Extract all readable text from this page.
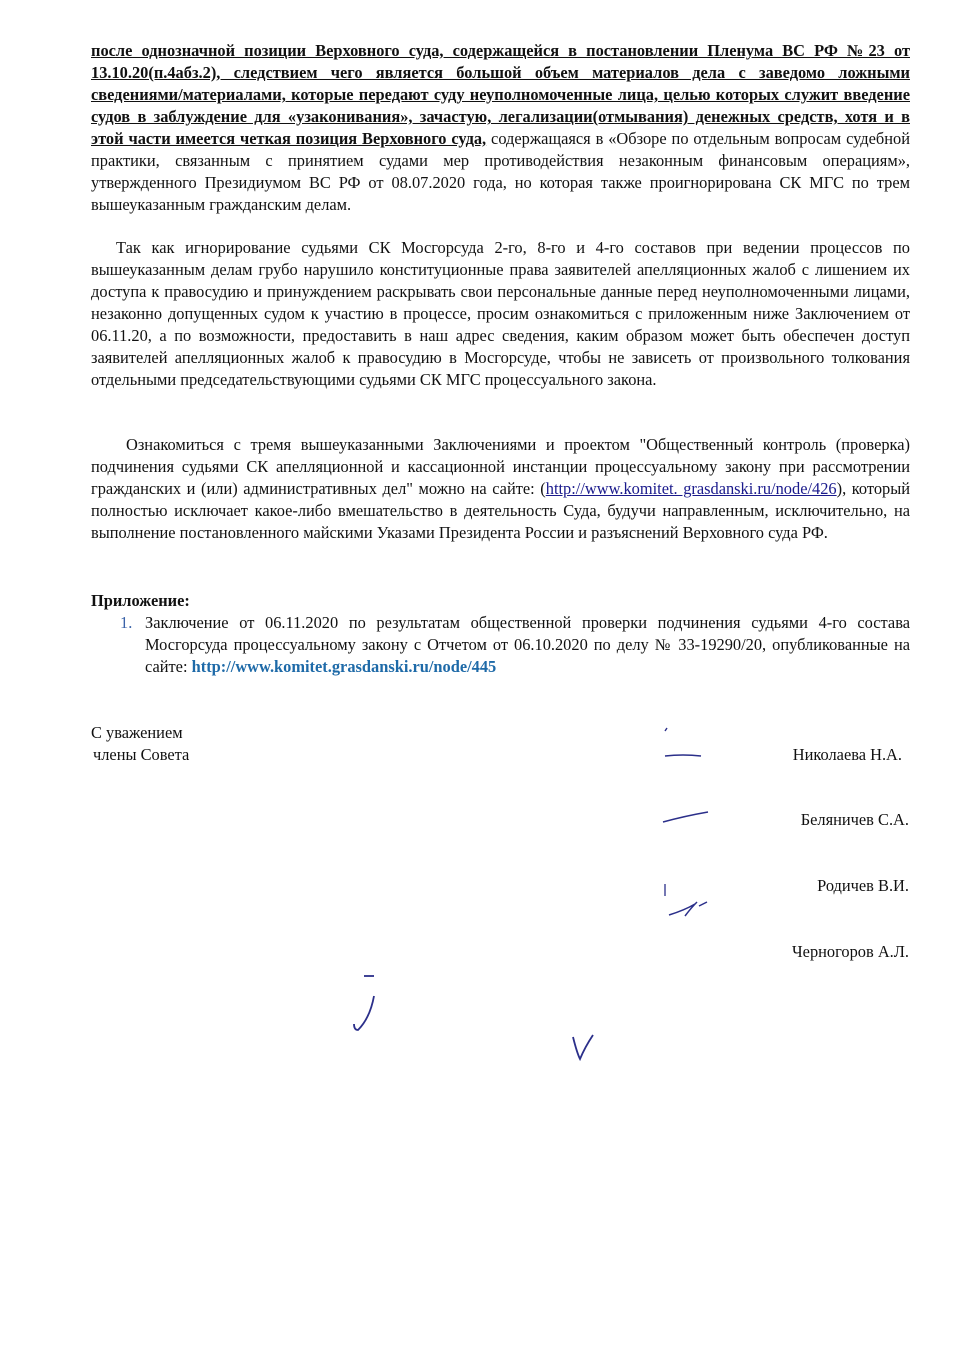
после однозначной позиции Верховного суда, содержащейся в постановлении Пленума ВС РФ №23 от 13.10.20(п.4абз.2), следствием чего является большой объем материалов дела с заведомо ложными сведениями/материалами, которые передают суду неуполномоченные лица, целью которых служит введение судов в заблуждение для «узаконивания», зачастую, легализации(отмывания) денежных средств, хотя и в этой части имеется четкая позиция Верховного суда, содержащаяся в «Обзоре по отдельным вопросам судебной практики, связанным с принятием судами мер противодействия незаконным финансовым операциям», утвержденного Президиумом ВС РФ от 08.07.2020 года, но которая также проигнорирована СК МГС по трем вышеуказанным гражданским делам.
Так как игнорирование судьями СК Мосгорсуда 2-го, 8-го и 4-го составов при ведении процессов по вышеуказанным делам грубо нарушило конституционные права заявителей апелляционных жалоб с лишением их доступа к правосудию и принуждением раскрывать свои персональные данные перед неуполномоченными лицами, незаконно допущенных судом к участию в процессе, просим ознакомиться с приложенным ниже Заключением от 06.11.20, а по возможности, предоставить в наш адрес сведения, каким образом может быть обеспечен доступ заявителей апелляционных жалоб к правосудию в Мосгорсуде, чтобы не зависеть от произвольного толкования отдельными председательствующими судьями СК МГС процессуального закона.
Ознакомиться с тремя вышеуказанными Заключениями и проектом "Общественный контроль (проверка) подчинения судьями СК апелляционной и кассационной инстанции процессуальному закону при рассмотрении гражданских и (или) административных дел" можно на сайте: (http://www.komitet. grasdanski.ru/node/426), который полностью исключает какое-либо вмешательство в деятельность Суда, будучи направленным, исключительно, на выполнение постановленного майскими Указами Президента России и разъяснений Верховного суда РФ.
Приложение:
1. Заключение от 06.11.2020 по результатам общественной проверки подчинения судьями 4-го состава Мосгорсуда процессуальному закону с Отчетом от 06.10.2020 по делу № 33-19290/20, опубликованные на сайте: http://www.komitet.grasdanski.ru/node/445
С уважением
члены Совета	Николаева Н.А.
Беляничев С.А.
Родичев В.И.
Черногоров А.Л.
